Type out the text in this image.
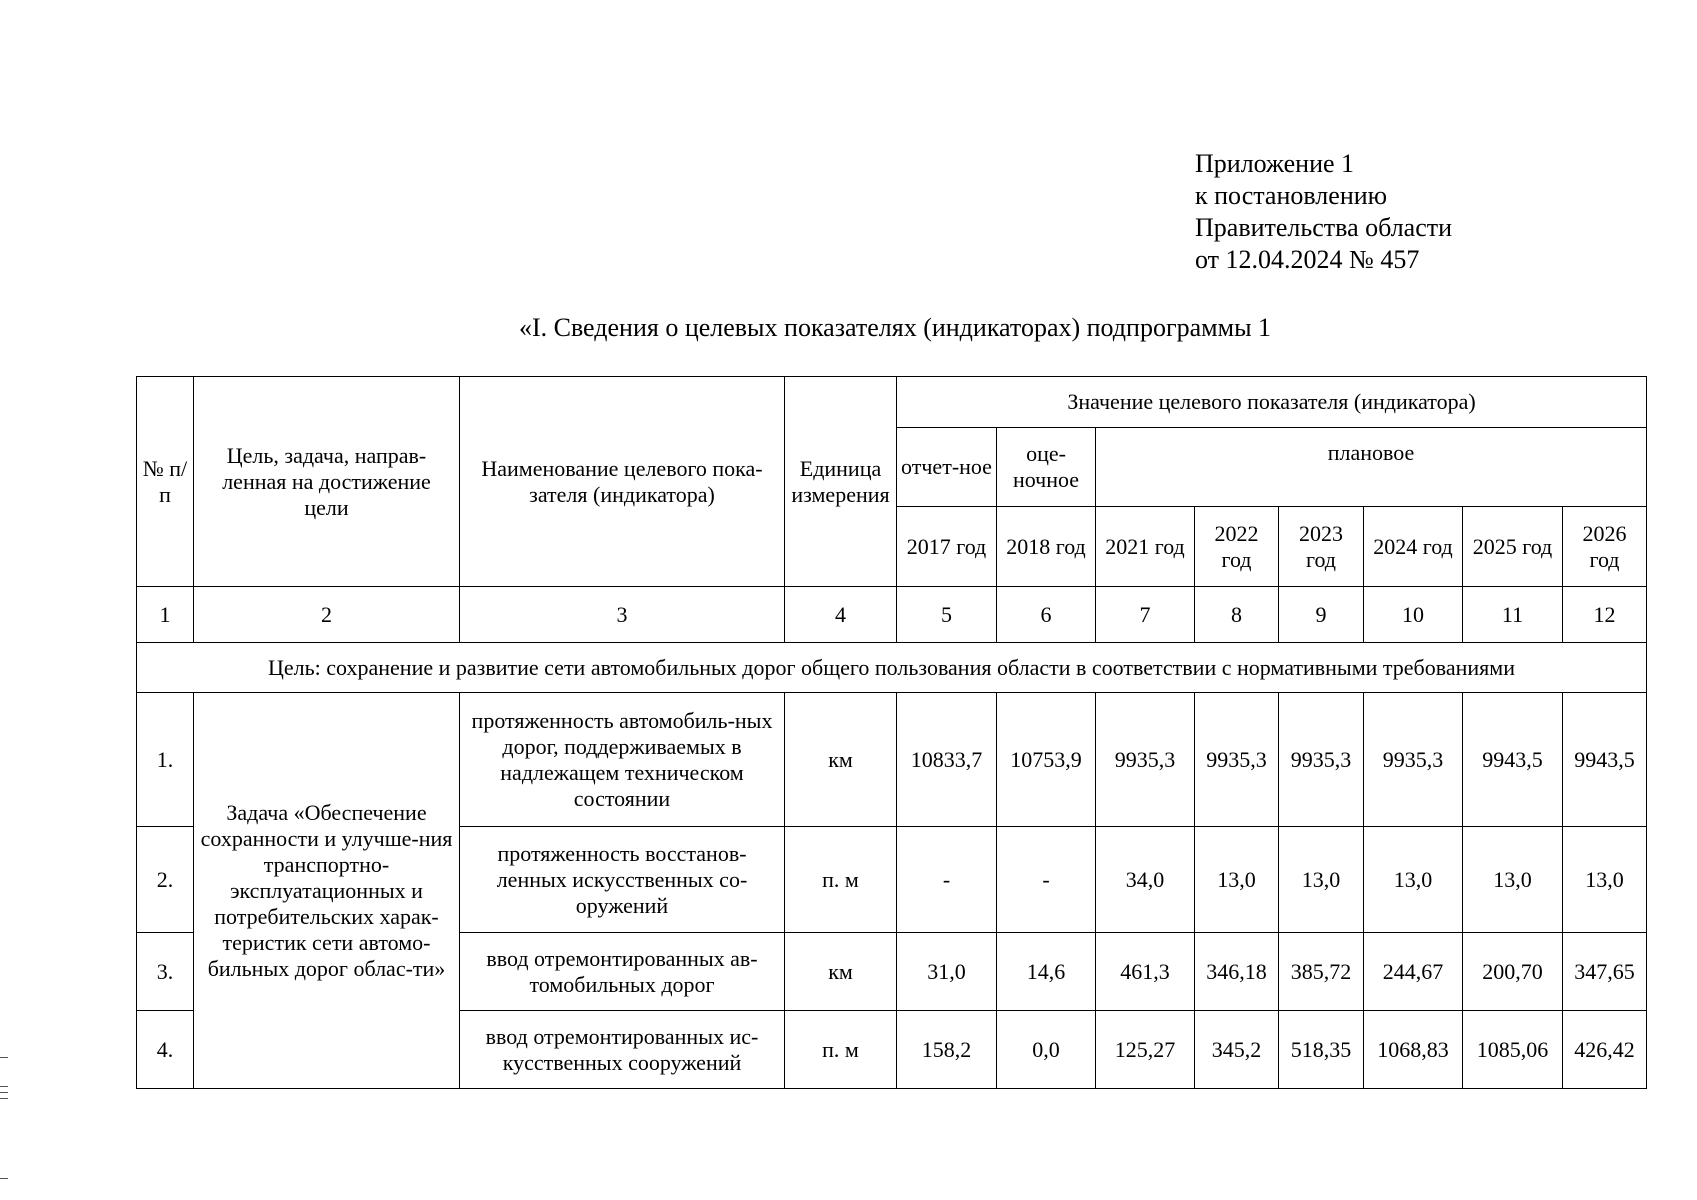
Приложение 1
к постановлению
Правительства области
от 12.04.2024 № 457
«I. Сведения о целевых показателях (индикаторах) подпрограммы 1
№ п/п	Цель, задача, направ-ленная на достижение цели	Наименование целевого пока-зателя (индикатора)	Единица измерения	Значение целевого показателя (индикатора)							
				отчет-ное	оце-ночное	плановое					
				2017 год	2018 год	2021 год	2022 год	2023 год	2024 год	2025 год	2026 год
1	2	3	4	5	6	7	8	9	10	11	12
Цель: сохранение и развитие сети автомобильных дорог общего пользования области в соответствии с нормативными требованиями											
1.	Задача «Обеспечение сохранности и улучше-ния транспортно-эксплуатационных и потребительских харак-теристик сети автомо-бильных дорог облас-ти»	протяженность автомобиль-ных дорог, поддерживаемых в надлежащем техническом состоянии	км	10833,7	10753,9	9935,3	9935,3	9935,3	9935,3	9943,5	9943,5
2.		протяженность восстанов-ленных искусственных со-оружений	п. м	-	-	34,0	13,0	13,0	13,0	13,0	13,0
3.		ввод отремонтированных ав-томобильных дорог	км	31,0	14,6	461,3	346,18	385,72	244,67	200,70	347,65
4.		ввод отремонтированных ис-кусственных сооружений	п. м	158,2	0,0	125,27	345,2	518,35	1068,83	1085,06	426,42
